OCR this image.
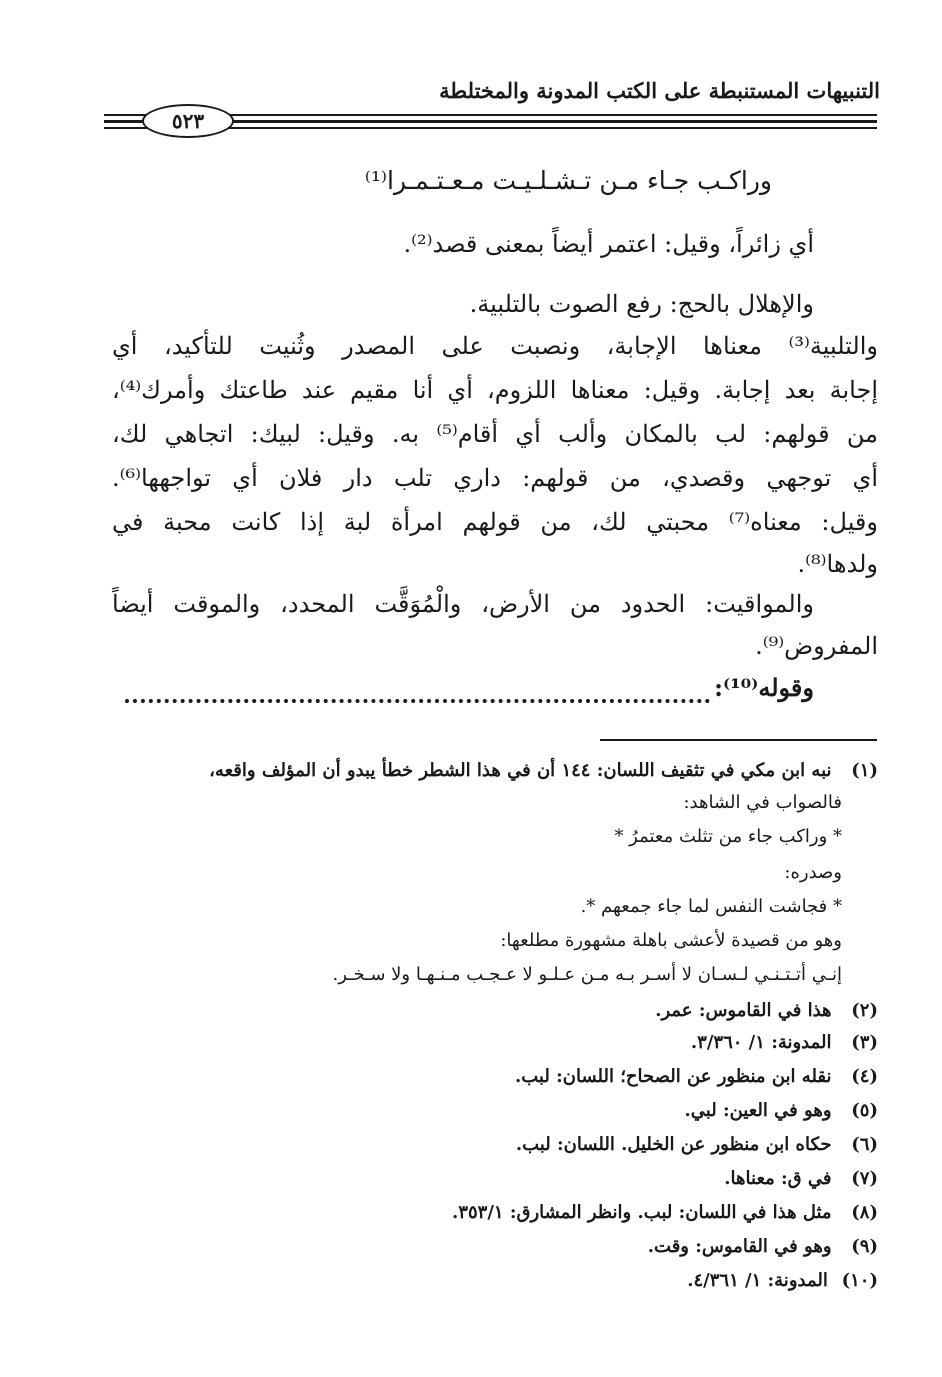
التنبيهات المستنبطة على الكتب المدونة والمختلطة
٥٢٣
وراكـب جـاء مـن تـشـلـيـت مـعـتـمـرا⁽¹⁾
أي زائراً، وقيل: اعتمر أيضاً بمعنى قصد⁽²⁾.
والإهلال بالحج: رفع الصوت بالتلبية.
والتلبية⁽³⁾ معناها الإجابة، ونصبت على المصدر وثُنيت للتأكيد، أي
إجابة بعد إجابة. وقيل: معناها اللزوم، أي أنا مقيم عند طاعتك وأمرك⁽⁴⁾،
من قولهم: لب بالمكان وألب أي أقام⁽⁵⁾ به. وقيل: لبيك: اتجاهي لك،
أي توجهي وقصدي، من قولهم: داري تلب دار فلان أي تواجهها⁽⁶⁾.
وقيل: معناه⁽⁷⁾ محبتي لك، من قولهم امرأة لبة إذا كانت محبة في
ولدها⁽⁸⁾.
والمواقيت: الحدود من الأرض، والْمُوَقَّت المحدد، والموقت أيضاً
المفروض⁽⁹⁾.
وقوله⁽¹⁰⁾:
(١) نبه ابن مكي في تثقيف اللسان: ١٤٤ أن في هذا الشطر خطأ يبدو أن المؤلف واقعه،
فالصواب في الشاهد:
* وراكب جاء من تثلث معتمرُ *
وصدره:
* فجاشت النفس لما جاء جمعهم *.
وهو من قصيدة لأعشى باهلة مشهورة مطلعها:
إنـي أتـتـنـي لـسـان لا أسـر بـه مـن عـلـو لا عـجـب مـنـهـا ولا سـخـر.
(٢) هذا في القاموس: عمر.
(٣) المدونة: ١/ ٣/٣٦٠.
(٤) نقله ابن منظور عن الصحاح؛ اللسان: لبب.
(٥) وهو في العين: لبي.
(٦) حكاه ابن منظور عن الخليل. اللسان: لبب.
(٧) في ق: معناها.
(٨) مثل هذا في اللسان: لبب. وانظر المشارق: ٣٥٣/١.
(٩) وهو في القاموس: وقت.
(١٠) المدونة: ١/ ٤/٣٦١.
